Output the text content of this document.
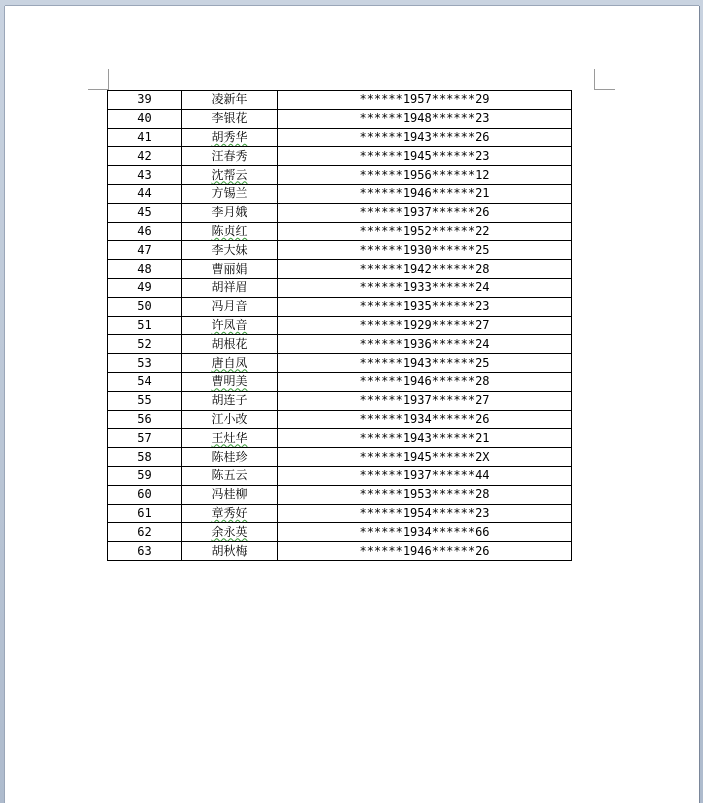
39	凌新年	******1957******29
40	李银花	******1948******23
41	胡秀华	******1943******26
42	汪春秀	******1945******23
43	沈帮云	******1956******12
44	方锡兰	******1946******21
45	李月娥	******1937******26
46	陈贞红	******1952******22
47	李大妹	******1930******25
48	曹丽娟	******1942******28
49	胡祥眉	******1933******24
50	冯月音	******1935******23
51	许凤音	******1929******27
52	胡根花	******1936******24
53	唐自凤	******1943******25
54	曹明美	******1946******28
55	胡连子	******1937******27
56	江小改	******1934******26
57	王灶华	******1943******21
58	陈桂珍	******1945******2X
59	陈五云	******1937******44
60	冯桂柳	******1953******28
61	章秀好	******1954******23
62	余永英	******1934******66
63	胡秋梅	******1946******26
